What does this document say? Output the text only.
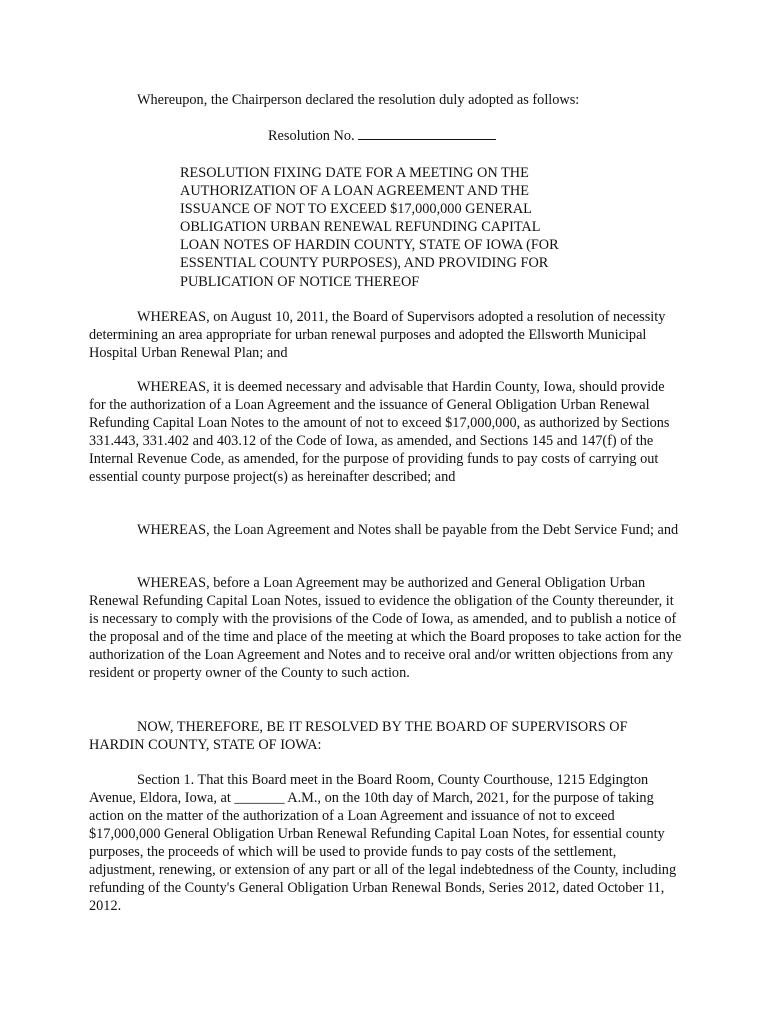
Whereupon, the Chairperson declared the resolution duly adopted as follows:

Resolution No.
RESOLUTION FIXING DATE FOR A MEETING ON THE
AUTHORIZATION OF A LOAN AGREEMENT AND THE
ISSUANCE OF NOT TO EXCEED $17,000,000 GENERAL
OBLIGATION URBAN RENEWAL REFUNDING CAPITAL
LOAN NOTES OF HARDIN COUNTY, STATE OF IOWA (FOR
ESSENTIAL COUNTY PURPOSES), AND PROVIDING FOR
PUBLICATION OF NOTICE THEREOF

WHEREAS, on August 10, 2011, the Board of Supervisors adopted a resolution of necessity determining an area appropriate for urban renewal purposes and adopted the Ellsworth Municipal Hospital Urban Renewal Plan; and

WHEREAS, it is deemed necessary and advisable that Hardin County, Iowa, should provide for the authorization of a Loan Agreement and the issuance of General Obligation Urban Renewal Refunding Capital Loan Notes to the amount of not to exceed $17,000,000, as authorized by Sections 331.443, 331.402 and 403.12 of the Code of Iowa, as amended, and Sections 145 and 147(f) of the Internal Revenue Code, as amended, for the purpose of providing funds to pay costs of carrying out essential county purpose project(s) as hereinafter described; and

WHEREAS, the Loan Agreement and Notes shall be payable from the Debt Service Fund; and

WHEREAS, before a Loan Agreement may be authorized and General Obligation Urban Renewal Refunding Capital Loan Notes, issued to evidence the obligation of the County thereunder, it is necessary to comply with the provisions of the Code of Iowa, as amended, and to publish a notice of the proposal and of the time and place of the meeting at which the Board proposes to take action for the authorization of the Loan Agreement and Notes and to receive oral and/or written objections from any resident or property owner of the County to such action.

NOW, THEREFORE, BE IT RESOLVED BY THE BOARD OF SUPERVISORS OF HARDIN COUNTY, STATE OF IOWA:

Section 1. That this Board meet in the Board Room, County Courthouse, 1215 Edgington Avenue, Eldora, Iowa, at _______ A.M., on the 10th day of March, 2021, for the purpose of taking action on the matter of the authorization of a Loan Agreement and issuance of not to exceed $17,000,000 General Obligation Urban Renewal Refunding Capital Loan Notes, for essential county purposes, the proceeds of which will be used to provide funds to pay costs of the settlement, adjustment, renewing, or extension of any part or all of the legal indebtedness of the County, including refunding of the County's General Obligation Urban Renewal Bonds, Series 2012, dated October 11, 2012.
